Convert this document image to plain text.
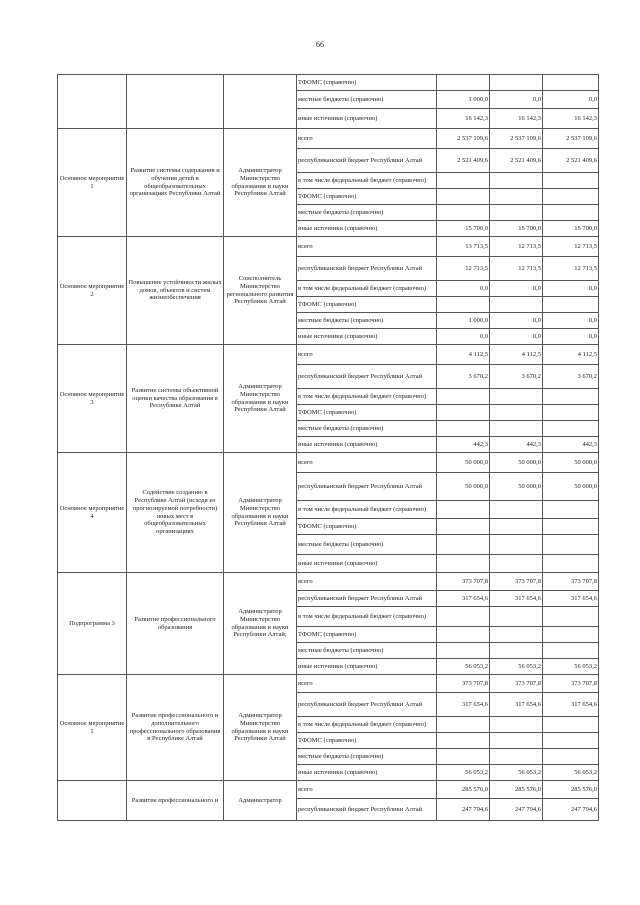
66
			ТФОМС (справочно)			
			местные бюджеты (справочно)	1 000,0	0,0	0,0
			иные источники (справочно)	16 142,3	16 142,3	16 142,3
Основное мероприятие 1	Развитие системы содержания и обучения детей в общеобразовательных организациях Республики Алтай	Администратор Министерство образования и науки Республики Алтай	всего	2 537 109,6	2 537 109,6	2 537 109,6
			республиканский бюджет Республики Алтай	2 521 409,6	2 521 409,6	2 521 409,6
			в том числе федеральный бюджет (справочно)			
			ТФОМС (справочно)			
			местные бюджеты (справочно)			
			иные источники (справочно)	15 700,0	15 700,0	15 700,0
Основное мероприятие 2	Повышение устойчивости жилых домов, объектов и систем жизнеобеспечения	Соисполнитель Министерство регионального развития Республики Алтай	всего	13 713,5	12 713,5	12 713,5
			республиканский бюджет Республики Алтай	12 713,5	12 713,5	12 713,5
			в том числе федеральный бюджет (справочно)	0,0	0,0	0,0
			ТФОМС (справочно)			
			местные бюджеты (справочно)	1 000,0	0,0	0,0
			иные источники (справочно)	0,0	0,0	0,0
Основное мероприятие 3	Развитие системы объективной оценки качества образования в Республике Алтай	Администратор Министерство образования и науки Республики Алтай	всего	4 112,5	4 112,5	4 112,5
			республиканский бюджет Республики Алтай	3 670,2	3 670,2	3 670,2
			в том числе федеральный бюджет (справочно)			
			ТФОМС (справочно)			
			местные бюджеты (справочно)			
			иные источники (справочно)	442,3	442,3	442,3
Основное мероприятие 4	Содействие созданию в Республике Алтай (исходя из прогнозируемой потребности) новых мест в общеобразовательных организациях	Администратор Министерство образования и науки Республики Алтай	всего	50 000,0	50 000,0	50 000,0
			республиканский бюджет Республики Алтай	50 000,0	50 000,0	50 000,0
			в том числе федеральный бюджет (справочно)			
			ТФОМС (справочно)			
			местные бюджеты (справочно)			
			иные источники (справочно)			
Подпрограмма 3	Развитие профессионального образования	Администратор Министерство образования и науки Республики Алтай;	всего	373 707,8	373 707,8	373 707,8
			республиканский бюджет Республики Алтай	317 654,6	317 654,6	317 654,6
			в том числе федеральный бюджет (справочно)			
			ТФОМС (справочно)			
			местные бюджеты (справочно)			
			иные источники (справочно)	56 053,2	56 053,2	56 053,2
Основное мероприятие 1	Развитие профессионального и дополнительного профессионального образования в Республике Алтай	Администратор Министерство образования и науки Республики Алтай	всего	373 707,8	373 707,8	373 707,8
			республиканский бюджет Республики Алтай	317 654,6	317 654,6	317 654,6
			в том числе федеральный бюджет (справочно)			
			ТФОМС (справочно)			
			местные бюджеты (справочно)			
			иные источники (справочно)	56 053,2	56 053,2	56 053,2
	Развитие профессионального и	Администратор	всего	285 576,0	285 576,0	285 576,0
			республиканский бюджет Республики Алтай	247 794,6	247 794,6	247 794,6
